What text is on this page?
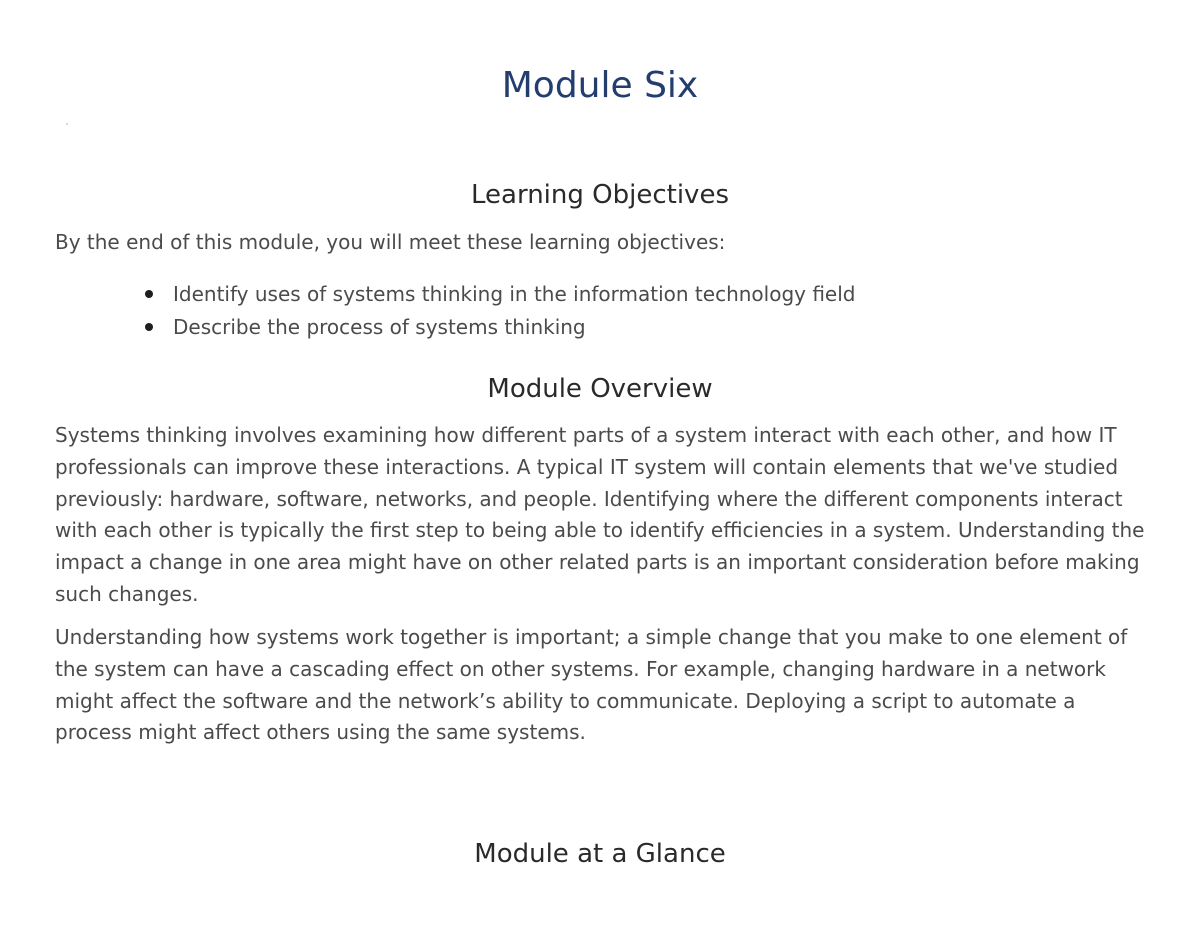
Module Six
Learning Objectives

By the end of this module, you will meet these learning objectives:

Identify uses of systems thinking in the information technology field
Describe the process of systems thinking
Module Overview

Systems thinking involves examining how different parts of a system interact with each other, and how IT professionals can improve these interactions. A typical IT system will contain elements that we've studied previously: hardware, software, networks, and people. Identifying where the different components interact with each other is typically the first step to being able to identify efficiencies in a system. Understanding the impact a change in one area might have on other related parts is an important consideration before making such changes.

Understanding how systems work together is important; a simple change that you make to one element of the system can have a cascading effect on other systems. For example, changing hardware in a network might affect the software and the network’s ability to communicate. Deploying a script to automate a process might affect others using the same systems.

Module at a Glance
